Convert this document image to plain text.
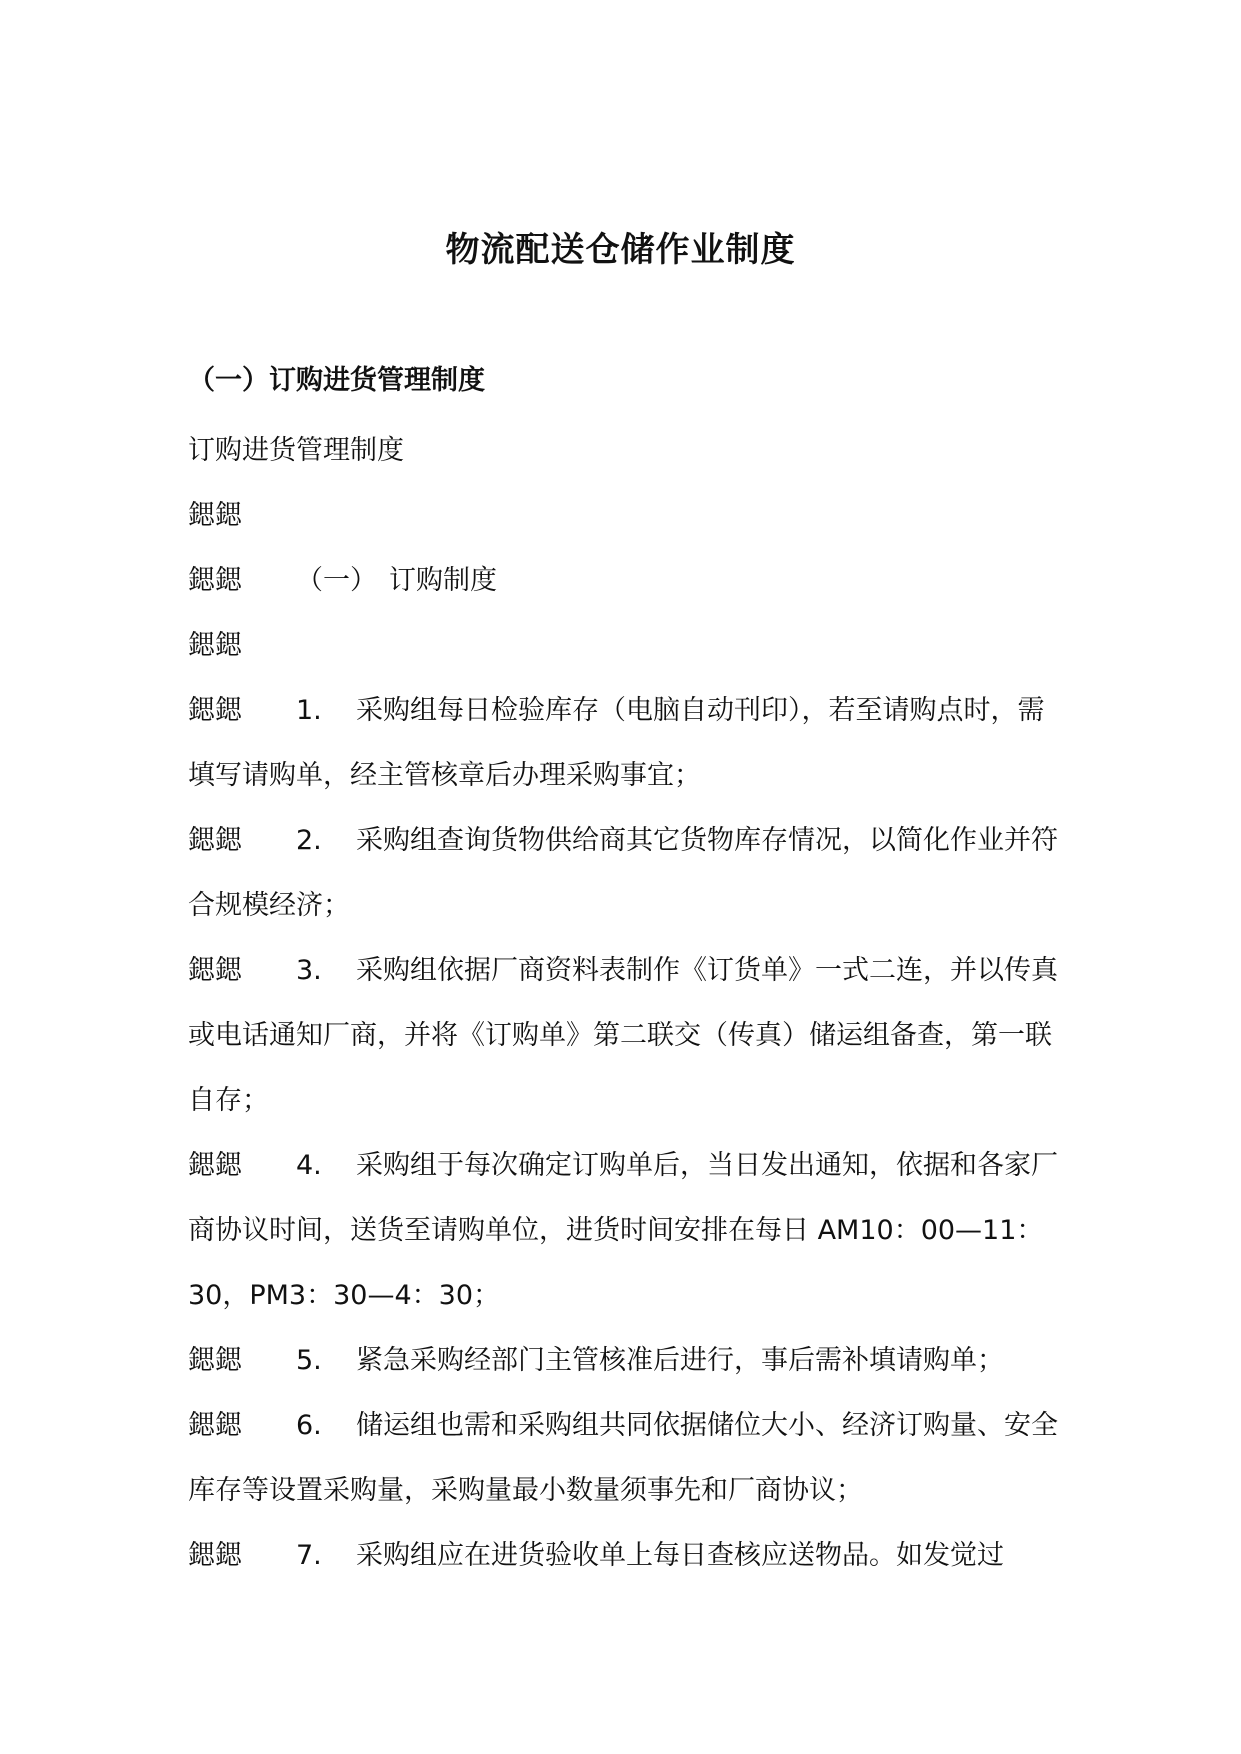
物流配送仓储作业制度
（一）订购进货管理制度

订购进货管理制度

鍶鍶

鍶鍶 （一） 订购制度

鍶鍶

鍶鍶 1. 采购组每日检验库存（电脑自动刊印），若至请购点时，需填写请购单，经主管核章后办理采购事宜；

鍶鍶 2. 采购组查询货物供给商其它货物库存情况，以简化作业并符合规模经济；

鍶鍶 3. 采购组依据厂商资料表制作《订货单》一式二连，并以传真或电话通知厂商，并将《订购单》第二联交（传真）储运组备查，第一联自存；

鍶鍶 4. 采购组于每次确定订购单后，当日发出通知，依据和各家厂商协议时间，送货至请购单位，进货时间安排在每日 AM10：00—11：30，PM3：30—4：30；

鍶鍶 5. 紧急采购经部门主管核准后进行，事后需补填请购单；

鍶鍶 6. 储运组也需和采购组共同依据储位大小、经济订购量、安全库存等设置采购量，采购量最小数量须事先和厂商协议；

鍶鍶 7. 采购组应在进货验收单上每日查核应送物品。如发觉过
